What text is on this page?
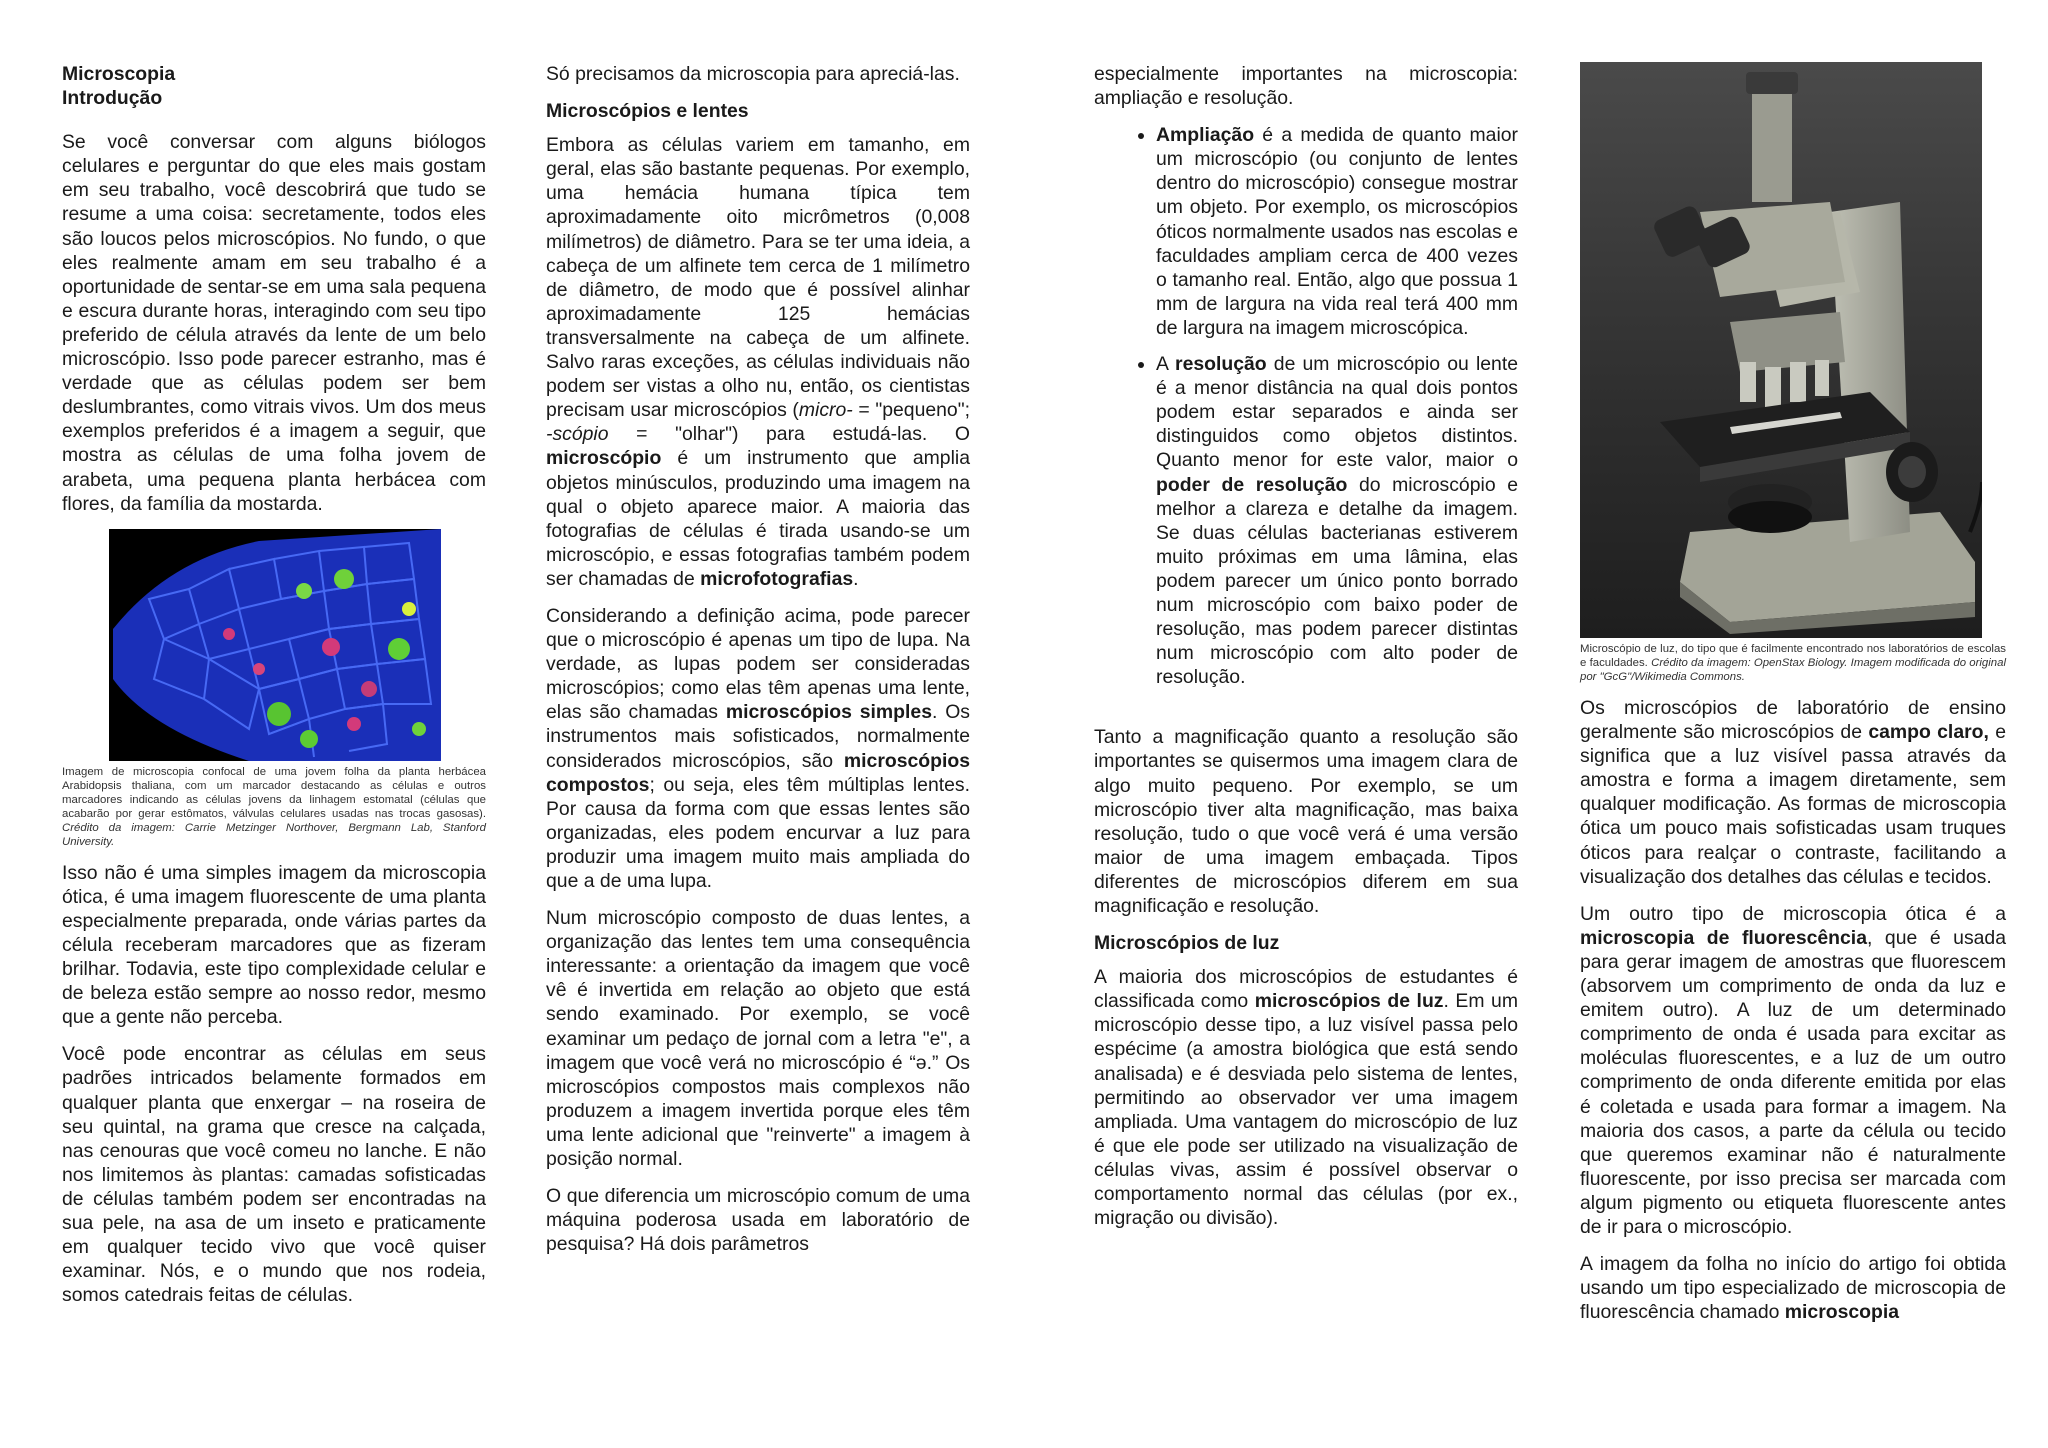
Microscopia
Introdução

Se você conversar com alguns biólogos celulares e perguntar do que eles mais gostam em seu trabalho, você descobrirá que tudo se resume a uma coisa: secretamente, todos eles são loucos pelos microscópios. No fundo, o que eles realmente amam em seu trabalho é a oportunidade de sentar-se em uma sala pequena e escura durante horas, interagindo com seu tipo preferido de célula através da lente de um belo microscópio. Isso pode parecer estranho, mas é verdade que as células podem ser bem deslumbrantes, como vitrais vivos. Um dos meus exemplos preferidos é a imagem a seguir, que mostra as células de uma folha jovem de arabeta, uma pequena planta herbácea com flores, da família da mostarda.

Imagem de microscopia confocal de uma jovem folha da planta herbácea Arabidopsis thaliana, com um marcador destacando as células e outros marcadores indicando as células jovens da linhagem estomatal (células que acabarão por gerar estômatos, válvulas celulares usadas nas trocas gasosas). Crédito da imagem: Carrie Metzinger Northover, Bergmann Lab, Stanford University.

Isso não é uma simples imagem da microscopia ótica, é uma imagem fluorescente de uma planta especialmente preparada, onde várias partes da célula receberam marcadores que as fizeram brilhar. Todavia, este tipo complexidade celular e de beleza estão sempre ao nosso redor, mesmo que a gente não perceba.

Você pode encontrar as células em seus padrões intricados belamente formados em qualquer planta que enxergar – na roseira de seu quintal, na grama que cresce na calçada, nas cenouras que você comeu no lanche. E não nos limitemos às plantas: camadas sofisticadas de células também podem ser encontradas na sua pele, na asa de um inseto e praticamente em qualquer tecido vivo que você quiser examinar. Nós, e o mundo que nos rodeia, somos catedrais feitas de células.

Só precisamos da microscopia para apreciá-las.

Microscópios e lentes

Embora as células variem em tamanho, em geral, elas são bastante pequenas. Por exemplo, uma hemácia humana típica tem aproximadamente oito micrômetros (0,008 milímetros) de diâmetro. Para se ter uma ideia, a cabeça de um alfinete tem cerca de 1 milímetro de diâmetro, de modo que é possível alinhar aproximadamente 125 hemácias transversalmente na cabeça de um alfinete. Salvo raras exceções, as células individuais não podem ser vistas a olho nu, então, os cientistas precisam usar microscópios (micro- = "pequeno"; -scópio = "olhar") para estudá-las. O microscópio é um instrumento que amplia objetos minúsculos, produzindo uma imagem na qual o objeto aparece maior. A maioria das fotografias de células é tirada usando-se um microscópio, e essas fotografias também podem ser chamadas de microfotografias.

Considerando a definição acima, pode parecer que o microscópio é apenas um tipo de lupa. Na verdade, as lupas podem ser consideradas microscópios; como elas têm apenas uma lente, elas são chamadas microscópios simples. Os instrumentos mais sofisticados, normalmente considerados microscópios, são microscópios compostos; ou seja, eles têm múltiplas lentes. Por causa da forma com que essas lentes são organizadas, eles podem encurvar a luz para produzir uma imagem muito mais ampliada do que a de uma lupa.

Num microscópio composto de duas lentes, a organização das lentes tem uma consequência interessante: a orientação da imagem que você vê é invertida em relação ao objeto que está sendo examinado. Por exemplo, se você examinar um pedaço de jornal com a letra "e", a imagem que você verá no microscópio é “ə.” Os microscópios compostos mais complexos não produzem a imagem invertida porque eles têm uma lente adicional que "reinverte" a imagem à posição normal.

O que diferencia um microscópio comum de uma máquina poderosa usada em laboratório de pesquisa? Há dois parâmetros

especialmente importantes na microscopia: ampliação e resolução.

• Ampliação é a medida de quanto maior um microscópio (ou conjunto de lentes dentro do microscópio) consegue mostrar um objeto. Por exemplo, os microscópios óticos normalmente usados nas escolas e faculdades ampliam cerca de 400 vezes o tamanho real. Então, algo que possua 1 mm de largura na vida real terá 400 mm de largura na imagem microscópica.
• A resolução de um microscópio ou lente é a menor distância na qual dois pontos podem estar separados e ainda ser distinguidos como objetos distintos. Quanto menor for este valor, maior o poder de resolução do microscópio e melhor a clareza e detalhe da imagem. Se duas células bacterianas estiverem muito próximas em uma lâmina, elas podem parecer um único ponto borrado num microscópio com baixo poder de resolução, mas podem parecer distintas num microscópio com alto poder de resolução.

Tanto a magnificação quanto a resolução são importantes se quisermos uma imagem clara de algo muito pequeno. Por exemplo, se um microscópio tiver alta magnificação, mas baixa resolução, tudo o que você verá é uma versão maior de uma imagem embaçada. Tipos diferentes de microscópios diferem em sua magnificação e resolução.

Microscópios de luz

A maioria dos microscópios de estudantes é classificada como microscópios de luz. Em um microscópio desse tipo, a luz visível passa pelo espécime (a amostra biológica que está sendo analisada) e é desviada pelo sistema de lentes, permitindo ao observador ver uma imagem ampliada. Uma vantagem do microscópio de luz é que ele pode ser utilizado na visualização de células vivas, assim é possível observar o comportamento normal das células (por ex., migração ou divisão).

Microscópio de luz, do tipo que é facilmente encontrado nos laboratórios de escolas e faculdades. Crédito da imagem: OpenStax Biology. Imagem modificada do original por "GcG"/Wikimedia Commons.

Os microscópios de laboratório de ensino geralmente são microscópios de campo claro, e significa que a luz visível passa através da amostra e forma a imagem diretamente, sem qualquer modificação. As formas de microscopia ótica um pouco mais sofisticadas usam truques óticos para realçar o contraste, facilitando a visualização dos detalhes das células e tecidos.

Um outro tipo de microscopia ótica é a microscopia de fluorescência, que é usada para gerar imagem de amostras que fluorescem (absorvem um comprimento de onda da luz e emitem outro). A luz de um determinado comprimento de onda é usada para excitar as moléculas fluorescentes, e a luz de um outro comprimento de onda diferente emitida por elas é coletada e usada para formar a imagem. Na maioria dos casos, a parte da célula ou tecido que queremos examinar não é naturalmente fluorescente, por isso precisa ser marcada com algum pigmento ou etiqueta fluorescente antes de ir para o microscópio.

A imagem da folha no início do artigo foi obtida usando um tipo especializado de microscopia de fluorescência chamado microscopia
